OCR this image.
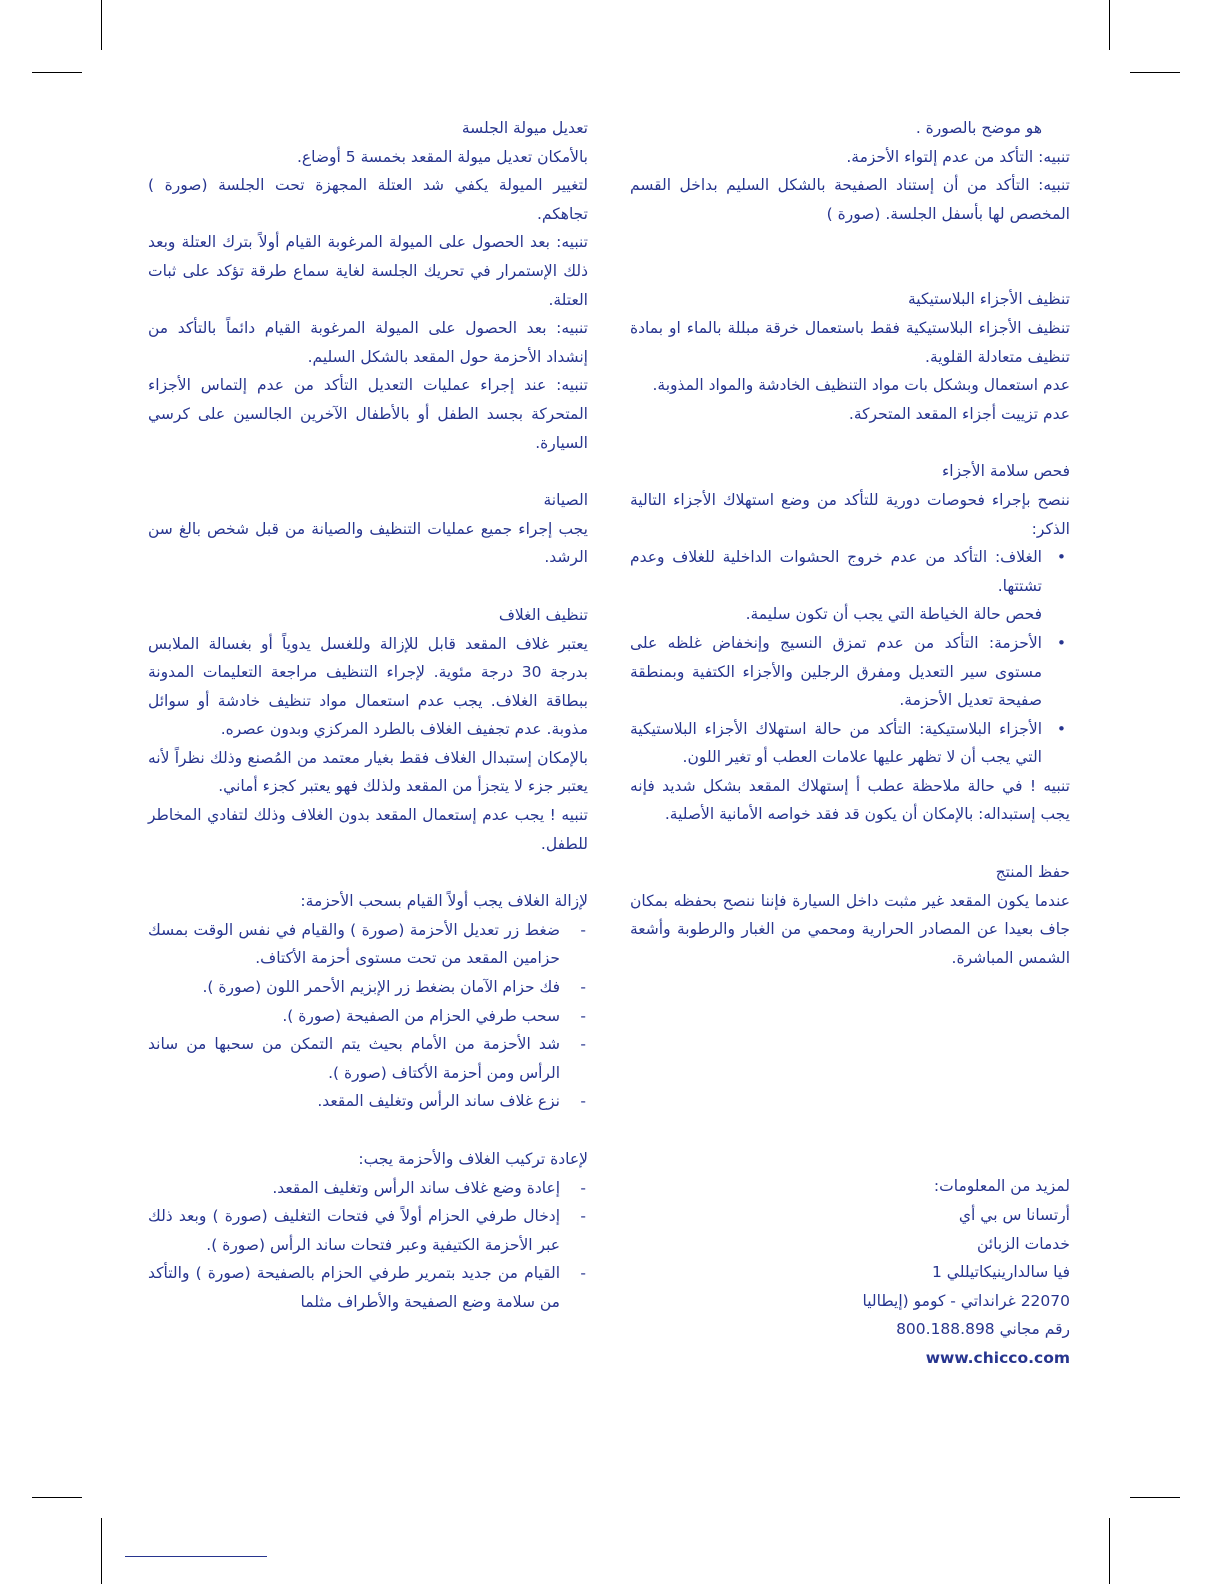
هو موضح بالصورة .

تنبيه: التأكد من عدم إلتواء الأحزمة.

تنبيه: التأكد من أن إستناد الصفيحة بالشكل السليم بداخل القسم المخصص لها بأسفل الجلسة. (صورة )

تنظيف الأجزاء البلاستيكية

تنظيف الأجزاء البلاستيكية فقط باستعمال خرقة مبللة بالماء او بمادة تنظيف متعادلة القلوية.

عدم استعمال وبشكل بات مواد التنظيف الخادشة والمواد المذوبة.

عدم تزييت أجزاء المقعد المتحركة.

فحص سلامة الأجزاء

ننصح بإجراء فحوصات دورية للتأكد من وضع استهلاك الأجزاء التالية الذكر:

• الغلاف: التأكد من عدم خروج الحشوات الداخلية للغلاف وعدم تشتتها.

فحص حالة الخياطة التي يجب أن تكون سليمة.

• الأحزمة: التأكد من عدم تمزق النسيج وإنخفاض غلظه على مستوى سير التعديل ومفرق الرجلين والأجزاء الكتفية وبمنطقة صفيحة تعديل الأحزمة.
• الأجزاء البلاستيكية: التأكد من حالة استهلاك الأجزاء البلاستيكية التي يجب أن لا تظهر عليها علامات العطب أو تغير اللون.

تنبيه ! في حالة ملاحظة عطب أ إستهلاك المقعد بشكل شديد فإنه يجب إستبداله: بالإمكان أن يكون قد فقد خواصه الأمانية الأصلية.

حفظ المنتج

عندما يكون المقعد غير مثبت داخل السيارة فإننا ننصح بحفظه بمكان جاف بعيدا عن المصادر الحرارية ومحمي من الغبار والرطوبة وأشعة الشمس المباشرة.

لمزيد من المعلومات:

أرتسانا س بي أي

خدمات الزبائن

فيا سالدارينيكاتيللي 1

22070 غرانداتي - كومو (إيطاليا

رقم مجاني 800.188.898

www.chicco.com

تعديل ميولة الجلسة

بالأمكان تعديل ميولة المقعد بخمسة 5 أوضاع.

لتغيير الميولة يكفي شد العتلة المجهزة تحت الجلسة (صورة ) تجاهكم.

تنبيه: بعد الحصول على الميولة المرغوبة القيام أولاً بترك العتلة وبعد ذلك الإستمرار في تحريك الجلسة لغاية سماع طرقة تؤكد على ثبات العتلة.

تنبيه: بعد الحصول على الميولة المرغوبة القيام دائماً بالتأكد من إنشداد الأحزمة حول المقعد بالشكل السليم.

تنبيه: عند إجراء عمليات التعديل التأكد من عدم إلتماس الأجزاء المتحركة بجسد الطفل أو بالأطفال الآخرين الجالسين على كرسي السيارة.

الصيانة

يجب إجراء جميع عمليات التنظيف والصيانة من قبل شخص بالغ سن الرشد.

تنظيف الغلاف

يعتبر غلاف المقعد قابل للإزالة وللغسل يدوياً أو بغسالة الملابس بدرجة 30 درجة مئوية. لإجراء التنظيف مراجعة التعليمات المدونة ببطاقة الغلاف. يجب عدم استعمال مواد تنظيف خادشة أو سوائل مذوبة. عدم تجفيف الغلاف بالطرد المركزي وبدون عصره.

بالإمكان إستبدال الغلاف فقط بغيار معتمد من المُصنع وذلك نظراً لأنه يعتبر جزء لا يتجزأ من المقعد ولذلك فهو يعتبر كجزء أماني.

تنبيه ! يجب عدم إستعمال المقعد بدون الغلاف وذلك لتفادي المخاطر للطفل.

لإزالة الغلاف يجب أولاً القيام بسحب الأحزمة:
- ضغط زر تعديل الأحزمة (صورة ) والقيام في نفس الوقت بمسك حزامين المقعد من تحت مستوى أحزمة الأكتاف.
- فك حزام الآمان بضغط زر الإبزيم الأحمر اللون (صورة ).
- سحب طرفي الحزام من الصفيحة (صورة ).
- شد الأحزمة من الأمام بحيث يتم التمكن من سحبها من ساند الرأس ومن أحزمة الأكتاف (صورة ).
- نزع غلاف ساند الرأس وتغليف المقعد.
لإعادة تركيب الغلاف والأحزمة يجب:
- إعادة وضع غلاف ساند الرأس وتغليف المقعد.
- إدخال طرفي الحزام أولاً في فتحات التغليف (صورة ) وبعد ذلك عبر الأحزمة الكتيفية وعبر فتحات ساند الرأس (صورة ).
- القيام من جديد بتمرير طرفي الحزام بالصفيحة (صورة ) والتأكد من سلامة وضع الصفيحة والأطراف مثلما
